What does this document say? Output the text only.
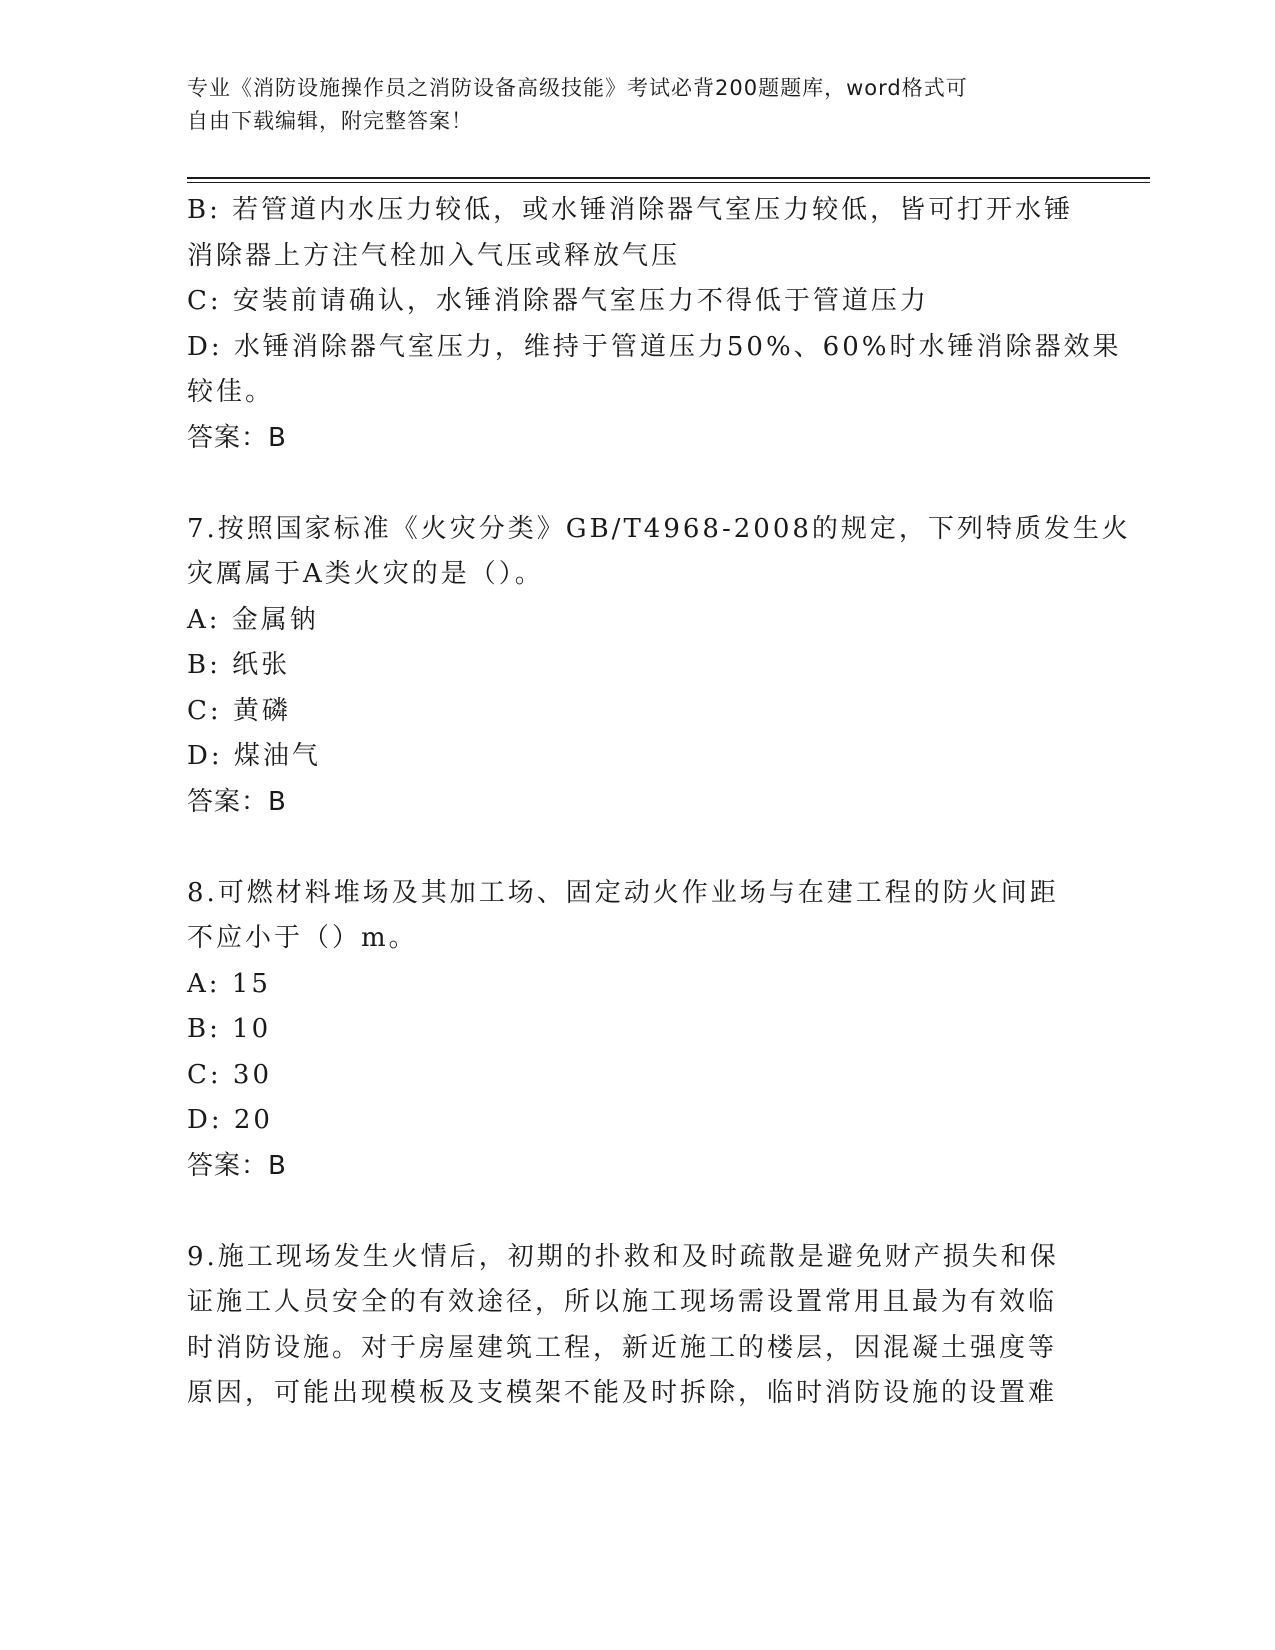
专业《消防设施操作员之消防设备高级技能》考试必背200题题库，word格式可
自由下载编辑，附完整答案！
B: 若管道内水压力较低，或水锤消除器气室压力较低，皆可打开水锤
消除器上方注气栓加入气压或释放气压
C: 安装前请确认，水锤消除器气室压力不得低于管道压力
D: 水锤消除器气室压力，维持于管道压力50%、60%时水锤消除器效果
较佳。
答案：B
7.按照国家标准《火灾分类》GB/T4968-2008的规定，下列特质发生火
灾厲属于A类火灾的是（）。
A: 金属钠
B: 纸张
C: 黄磷
D: 煤油气
答案：B
8.可燃材料堆场及其加工场、固定动火作业场与在建工程的防火间距
不应小于（）m。
A: 15
B: 10
C: 30
D: 20
答案：B
9.施工现场发生火情后，初期的扑救和及时疏散是避免财产损失和保
证施工人员安全的有效途径，所以施工现场需设置常用且最为有效临
时消防设施。对于房屋建筑工程，新近施工的楼层，因混凝土强度等
原因，可能出现模板及支模架不能及时拆除，临时消防设施的设置难
